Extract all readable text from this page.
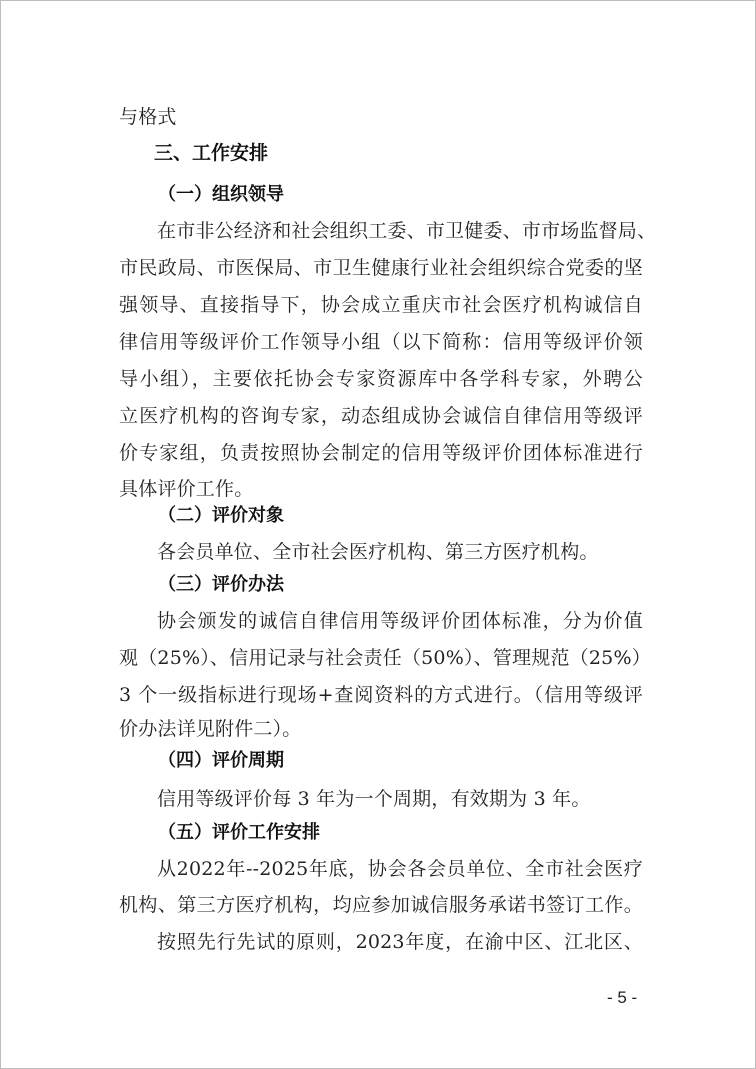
与格式
三、工作安排
（一）组织领导
在市非公经济和社会组织工委、市卫健委、市市场监督局、
市民政局、市医保局、市卫生健康行业社会组织综合党委的坚
强领导、直接指导下，协会成立重庆市社会医疗机构诚信自
律信用等级评价工作领导小组（以下简称：信用等级评价领
导小组），主要依托协会专家资源库中各学科专家，外聘公
立医疗机构的咨询专家，动态组成协会诚信自律信用等级评
价专家组，负责按照协会制定的信用等级评价团体标准进行
具体评价工作。
（二）评价对象
各会员单位、全市社会医疗机构、第三方医疗机构。
（三）评价办法
协会颁发的诚信自律信用等级评价团体标准，分为价值
观（25%）、信用记录与社会责任（50%）、管理规范（25%）
3 个一级指标进行现场+查阅资料的方式进行。（信用等级评
价办法详见附件二）。
（四）评价周期
信用等级评价每 3 年为一个周期，有效期为 3 年。
（五）评价工作安排
从2022年--2025年底，协会各会员单位、全市社会医疗
机构、第三方医疗机构，均应参加诚信服务承诺书签订工作。
按照先行先试的原则，2023年度，在渝中区、江北区、
- 5 -
